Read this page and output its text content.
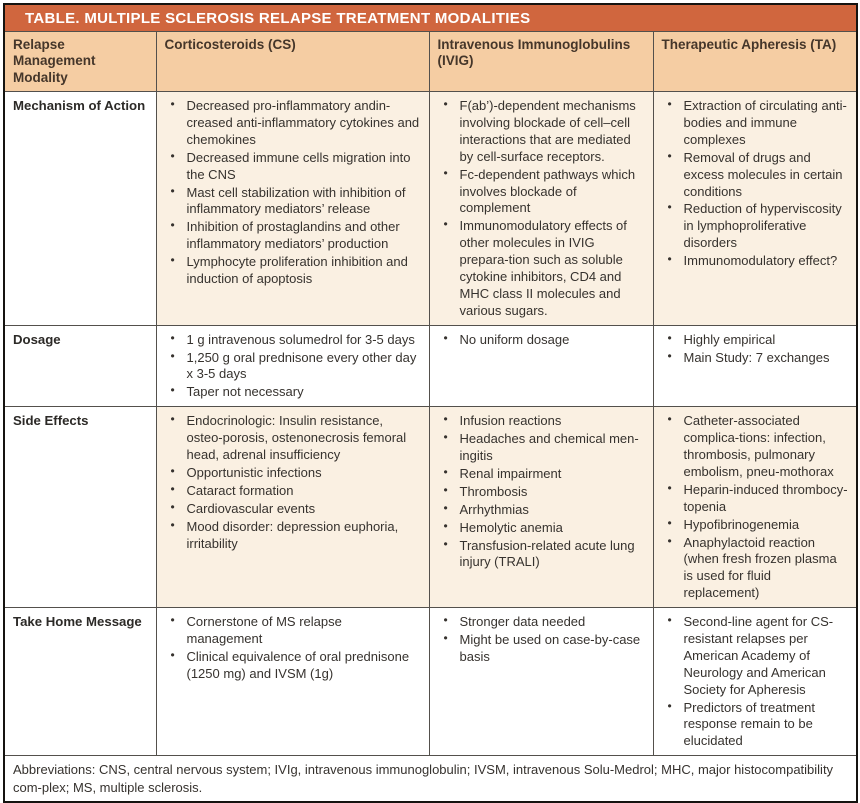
TABLE. MULTIPLE SCLEROSIS RELAPSE TREATMENT MODALITIES			
Relapse Management Modality	Corticosteroids (CS)	Intravenous Immunoglobulins (IVIG)	Therapeutic Apheresis (TA)
Mechanism of Action	
•Decreased pro-inflammatory andin-creased anti-inflammatory cytokines and chemokines
• Decreased immune cells migration into the CNS
• Mast cell stabilization with inhibition of inflammatory mediators’ release
• Inhibition of prostaglandins and other inflammatory mediators’ production
• Lymphocyte proliferation inhibition and induction of apoptosis

• F(ab’)-dependent mechanisms involving blockade of cell–cell interactions that are mediated by cell-surface receptors.
• Fc-dependent pathways which involves blockade of complement
• Immunomodulatory effects of other molecules in IVIG prepara-tion such as soluble cytokine inhibitors, CD4 and MHC class II molecules and various sugars.

• Extraction of circulating anti-bodies and immune complexes
• Removal of drugs and excess molecules in certain conditions
• Reduction of hyperviscosity in lymphoproliferative disorders
• Immunomodulatory effect?

Dosage	
•1 g intravenous solumedrol for 3-5 days
• 1,250 g oral prednisone every other day x 3-5 days
• Taper not necessary

• No uniform dosage

•Highly empirical
• Main Study: 7 exchanges

Side Effects	
•Endocrinologic: Insulin resistance, osteo-porosis, ostenonecrosis femoral head, adrenal insufficiency
• Opportunistic infections
• Cataract formation
• Cardiovascular events
• Mood disorder: depression euphoria, irritability

• Infusion reactions
• Headaches and chemical men-ingitis
• Renal impairment
• Thrombosis
• Arrhythmias
• Hemolytic anemia
• Transfusion-related acute lung injury (TRALI)

• Catheter-associated complica-tions: infection, thrombosis, pulmonary embolism, pneu-mothorax
• Heparin-induced thrombocy-topenia
• Hypofibrinogenemia
• Anaphylactoid reaction (when fresh frozen plasma is used for fluid replacement)

Take Home Message	
•Cornerstone of MS relapse management
• Clinical equivalence of oral prednisone (1250 mg) and IVSM (1g)

• Stronger data needed
• Might be used on case-by-case basis

• Second-line agent for CS-resistant relapses per American Academy of Neurology and American Society for Apheresis
• Predictors of treatment response remain to be elucidated

Abbreviations: CNS, central nervous system; IVIg, intravenous immunoglobulin; IVSM, intravenous Solu-Medrol; MHC, major histocompatibility com-plex; MS, multiple sclerosis.			
